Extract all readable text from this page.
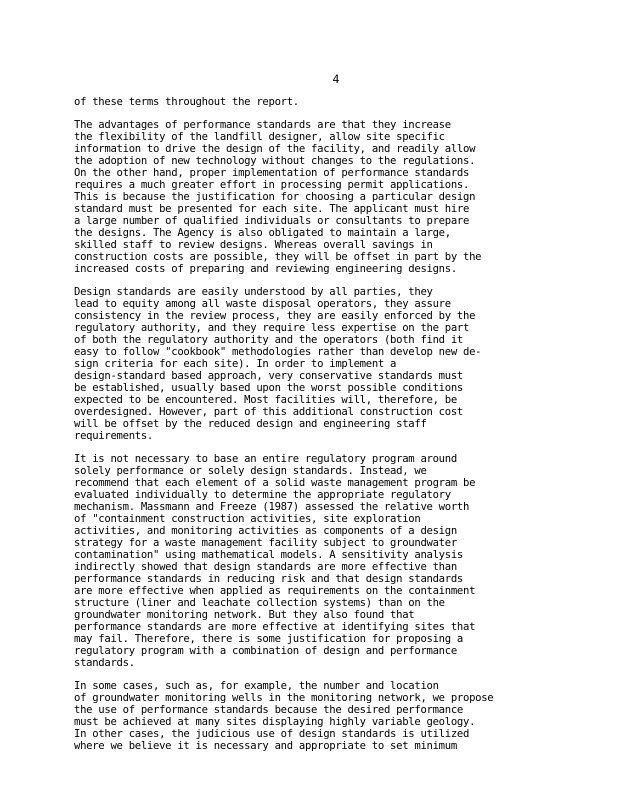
4
of these terms throughout the report.
The advantages of performance standards are that they increase
the flexibility of the landfill designer, allow site specific
information to drive the design of the facility, and readily allow
the adoption of new technology without changes to the regulations.
On the other hand, proper implementation of performance standards
requires a much greater effort in processing permit applications.
This is because the justification for choosing a particular design
standard must be presented for each site. The applicant must hire
a large number of qualified individuals or consultants to prepare
the designs. The Agency is also obligated to maintain a large,
skilled staff to review designs. Whereas overall savings in
construction costs are possible, they will be offset in part by the
increased costs of preparing and reviewing engineering designs.
Design standards are easily understood by all parties, they
lead to equity among all waste disposal operators, they assure
consistency in the review process, they are easily enforced by the
regulatory authority, and they require less expertise on the part
of both the regulatory authority and the operators (both find it
easy to follow "cookbook" methodologies rather than develop new de-
sign criteria for each site). In order to implement a
design-standard based approach, very conservative standards must
be established, usually based upon the worst possible conditions
expected to be encountered. Most facilities will, therefore, be
overdesigned. However, part of this additional construction cost
will be offset by the reduced design and engineering staff
requirements.
It is not necessary to base an entire regulatory program around
solely performance or solely design standards. Instead, we
recommend that each element of a solid waste management program be
evaluated individually to determine the appropriate regulatory
mechanism. Massmann and Freeze (1987) assessed the relative worth
of "containment construction activities, site exploration
activities, and monitoring activities as components of a design
strategy for a waste management facility subject to groundwater
contamination" using mathematical models. A sensitivity analysis
indirectly showed that design standards are more effective than
performance standards in reducing risk and that design standards
are more effective when applied as requirements on the containment
structure (liner and leachate collection systems) than on the
groundwater monitoring network. But they also found that
performance standards are more effective at identifying sites that
may fail. Therefore, there is some justification for proposing a
regulatory program with a combination of design and performance
standards.
In some cases, such as, for example, the number and location
of groundwater monitoring wells in the monitoring network, we propose
the use of performance standards because the desired performance
must be achieved at many sites displaying highly variable geology.
In other cases, the judicious use of design standards is utilized
where we believe it is necessary and appropriate to set minimum
